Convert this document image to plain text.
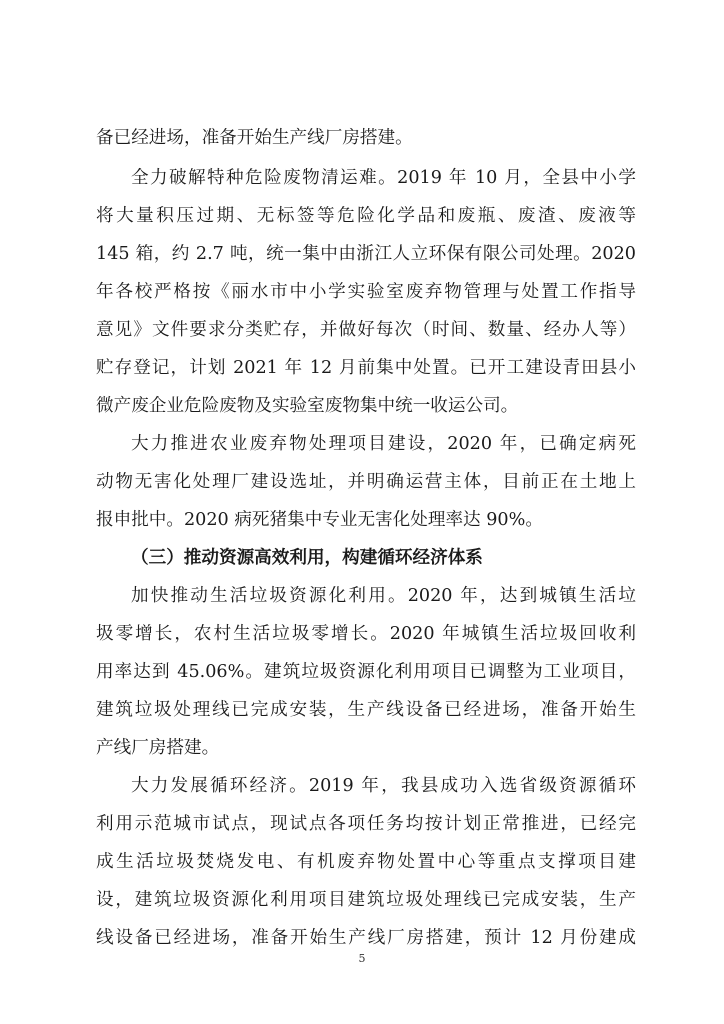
备已经进场，准备开始生产线厂房搭建。

全力破解特种危险废物清运难。2019 年 10 月，全县中小学

将大量积压过期、无标签等危险化学品和废瓶、废渣、废液等

145 箱，约 2.7 吨，统一集中由浙江人立环保有限公司处理。2020

年各校严格按《丽水市中小学实验室废弃物管理与处置工作指导

意见》文件要求分类贮存，并做好每次（时间、数量、经办人等）

贮存登记，计划 2021 年 12 月前集中处置。已开工建设青田县小

微产废企业危险废物及实验室废物集中统一收运公司。

大力推进农业废弃物处理项目建设，2020 年，已确定病死

动物无害化处理厂建设选址，并明确运营主体，目前正在土地上

报申批中。2020 病死猪集中专业无害化处理率达 90%。

（三）推动资源高效利用，构建循环经济体系

加快推动生活垃圾资源化利用。2020 年，达到城镇生活垃

圾零增长，农村生活垃圾零增长。2020 年城镇生活垃圾回收利

用率达到 45.06%。建筑垃圾资源化利用项目已调整为工业项目，

建筑垃圾处理线已完成安装，生产线设备已经进场，准备开始生

产线厂房搭建。

大力发展循环经济。2019 年，我县成功入选省级资源循环

利用示范城市试点，现试点各项任务均按计划正常推进，已经完

成生活垃圾焚烧发电、有机废弃物处置中心等重点支撑项目建

设，建筑垃圾资源化利用项目建筑垃圾处理线已完成安装，生产

线设备已经进场，准备开始生产线厂房搭建，预计 12 月份建成

5
